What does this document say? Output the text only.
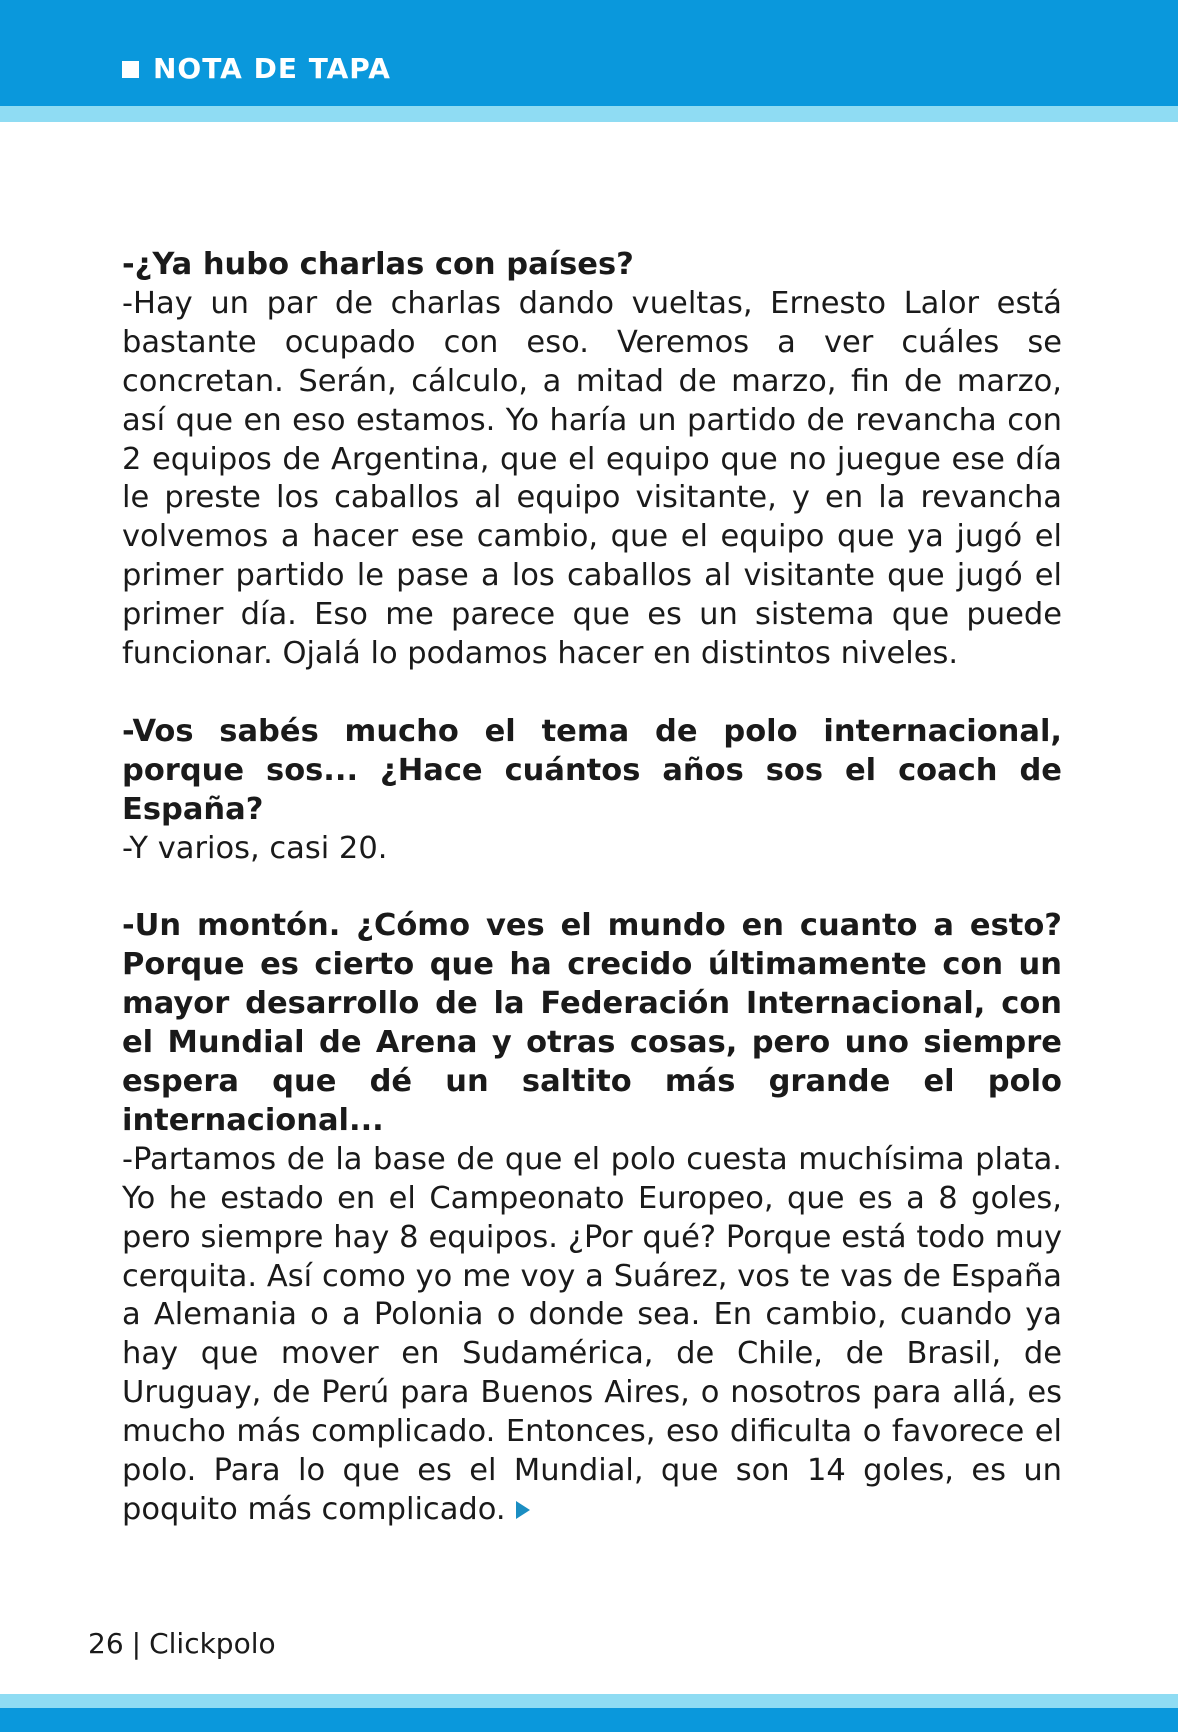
NOTA DE TAPA

-¿Ya hubo charlas con países?

-Hay un par de charlas dando vueltas, Ernesto Lalor está bastante ocupado con eso. Veremos a ver cuáles se concretan. Serán, cálculo, a mitad de marzo, fin de marzo, así que en eso estamos. Yo haría un partido de revancha con 2 equipos de Argentina, que el equipo que no juegue ese día le preste los caballos al equipo visitante, y en la revancha volvemos a hacer ese cambio, que el equipo que ya jugó el primer partido le pase a los caballos al visitante que jugó el primer día. Eso me parece que es un sistema que puede funcionar. Ojalá lo podamos hacer en distintos niveles.

-Vos sabés mucho el tema de polo internacional, porque sos... ¿Hace cuántos años sos el coach de España?

-Y varios, casi 20.

-Un montón. ¿Cómo ves el mundo en cuanto a esto? Porque es cierto que ha crecido últimamente con un mayor desarrollo de la Federación Internacional, con el Mundial de Arena y otras cosas, pero uno siempre espera que dé un saltito más grande el polo internacional...

-Partamos de la base de que el polo cuesta muchísima plata. Yo he estado en el Campeonato Europeo, que es a 8 goles, pero siempre hay 8 equipos. ¿Por qué? Porque está todo muy cerquita. Así como yo me voy a Suárez, vos te vas de España a Alemania o a Polonia o donde sea. En cambio, cuando ya hay que mover en Sudamérica, de Chile, de Brasil, de Uruguay, de Perú para Buenos Aires, o nosotros para allá, es mucho más complicado. Entonces, eso dificulta o favorece el polo. Para lo que es el Mundial, que son 14 goles, es un poquito más complicado.

26 | Clickpolo
